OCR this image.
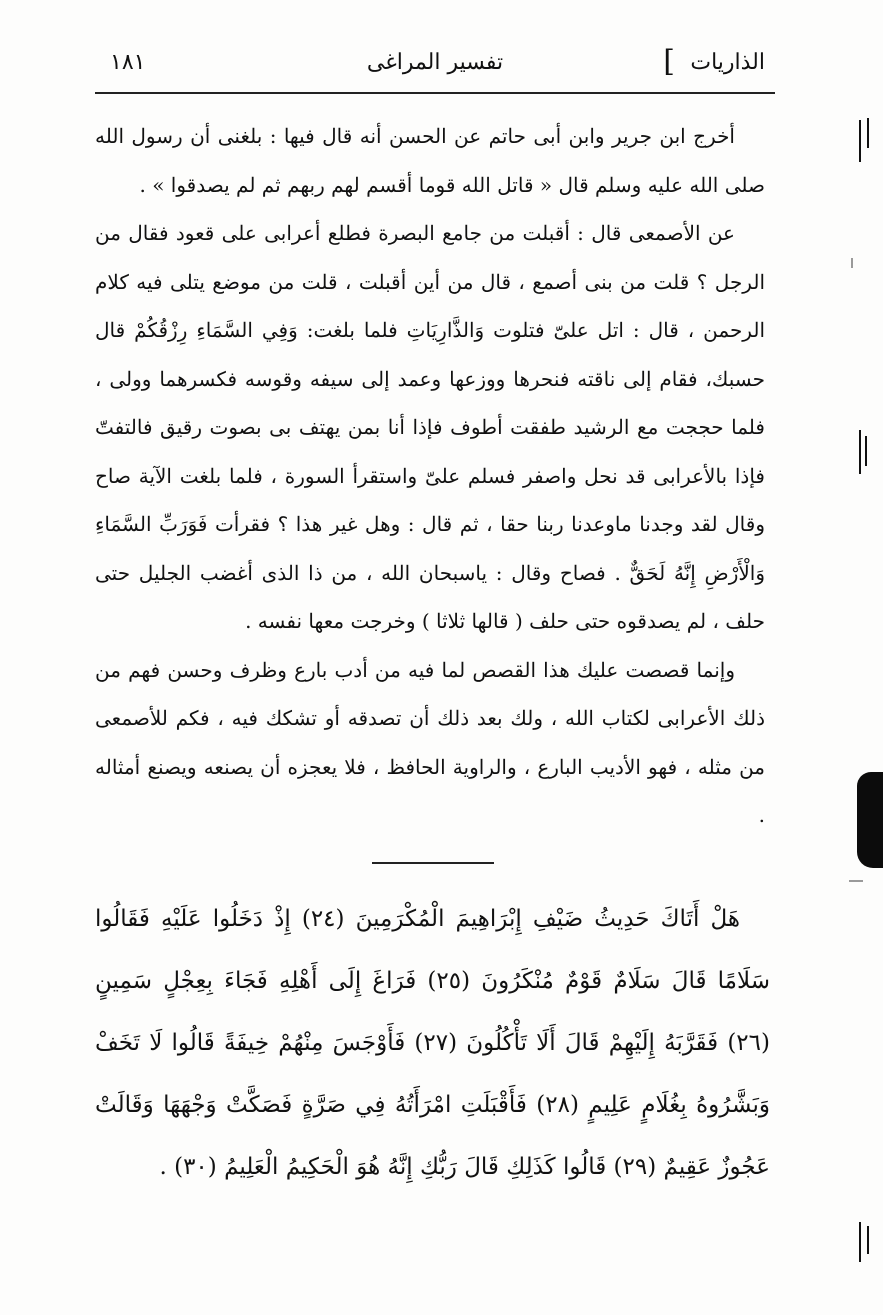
الذاريات
]
تفسير المراغى
١٨١

أخرج ابن جرير وابن أبى حاتم عن الحسن أنه قال فيها : بلغنى أن رسول الله صلى الله عليه وسلم قال « قاتل الله قوما أقسم لهم ربهم ثم لم يصدقوا » .

عن الأصمعى قال : أقبلت من جامع البصرة فطلع أعرابى على قعود فقال من الرجل ؟ قلت من بنى أصمع ، قال من أين أقبلت ، قلت من موضع يتلى فيه كلام الرحمن ، قال : اتل علىّ فتلوت وَالذَّارِيَاتِ فلما بلغت: وَفِي السَّمَاءِ رِزْقُكُمْ قال حسبك، فقام إلى ناقته فنحرها ووزعها وعمد إلى سيفه وقوسه فكسرهما وولى ، فلما حججت مع الرشيد طفقت أطوف فإذا أنا بمن يهتف بى بصوت رقيق فالتفتّ فإذا بالأعرابى قد نحل واصفر فسلم علىّ واستقرأ السورة ، فلما بلغت الآية صاح وقال لقد وجدنا ماوعدنا ربنا حقا ، ثم قال : وهل غير هذا ؟ فقرأت فَوَرَبِّ السَّمَاءِ وَالْأَرْضِ إِنَّهُ لَحَقٌّ . فصاح وقال : ياسبحان الله ، من ذا الذى أغضب الجليل حتى حلف ، لم يصدقوه حتى حلف ( قالها ثلاثا ) وخرجت معها نفسه .

وإنما قصصت عليك هذا القصص لما فيه من أدب بارع وظرف وحسن فهم من ذلك الأعرابى لكتاب الله ، ولك بعد ذلك أن تصدقه أو تشكك فيه ، فكم للأصمعى من مثله ، فهو الأديب البارع ، والراوية الحافظ ، فلا يعجزه أن يصنعه ويصنع أمثاله .

هَلْ أَتَاكَ حَدِيثُ ضَيْفِ إِبْرَاهِيمَ الْمُكْرَمِينَ (٢٤) إِذْ دَخَلُوا عَلَيْهِ فَقَالُوا سَلَامًا قَالَ سَلَامٌ قَوْمٌ مُنْكَرُونَ (٢٥) فَرَاغَ إِلَى أَهْلِهِ فَجَاءَ بِعِجْلٍ سَمِينٍ (٢٦) فَقَرَّبَهُ إِلَيْهِمْ قَالَ أَلَا تَأْكُلُونَ (٢٧) فَأَوْجَسَ مِنْهُمْ خِيفَةً قَالُوا لَا تَخَفْ وَبَشَّرُوهُ بِغُلَامٍ عَلِيمٍ (٢٨) فَأَقْبَلَتِ امْرَأَتُهُ فِي صَرَّةٍ فَصَكَّتْ وَجْهَهَا وَقَالَتْ عَجُوزٌ عَقِيمٌ (٢٩) قَالُوا كَذَلِكِ قَالَ رَبُّكِ إِنَّهُ هُوَ الْحَكِيمُ الْعَلِيمُ (٣٠) .
